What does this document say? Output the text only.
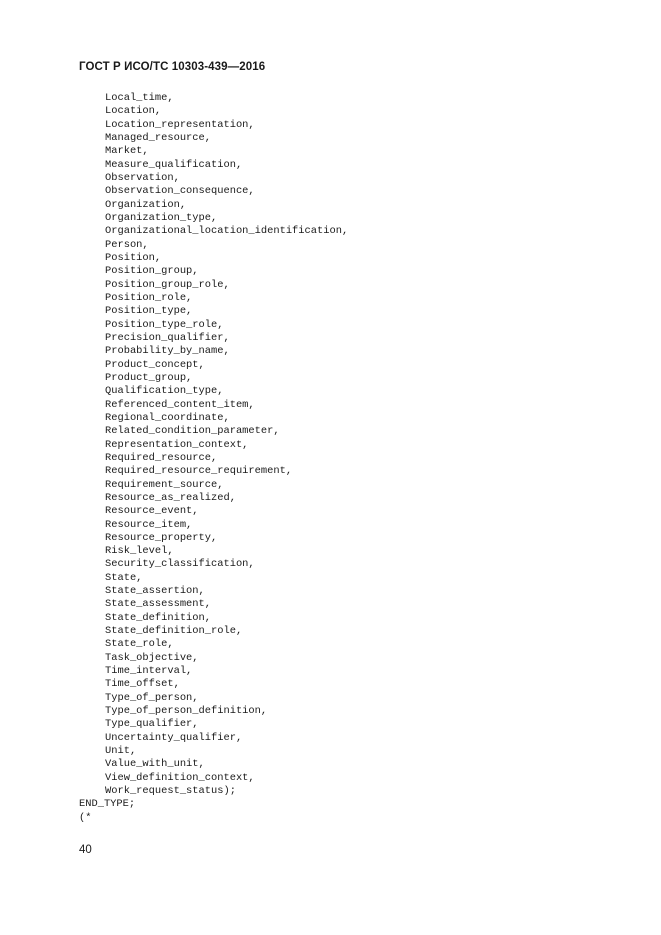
ГОСТ Р ИСО/ТС 10303-439—2016
Local_time,
Location,
Location_representation,
Managed_resource,
Market,
Measure_qualification,
Observation,
Observation_consequence,
Organization,
Organization_type,
Organizational_location_identification,
Person,
Position,
Position_group,
Position_group_role,
Position_role,
Position_type,
Position_type_role,
Precision_qualifier,
Probability_by_name,
Product_concept,
Product_group,
Qualification_type,
Referenced_content_item,
Regional_coordinate,
Related_condition_parameter,
Representation_context,
Required_resource,
Required_resource_requirement,
Requirement_source,
Resource_as_realized,
Resource_event,
Resource_item,
Resource_property,
Risk_level,
Security_classification,
State,
State_assertion,
State_assessment,
State_definition,
State_definition_role,
State_role,
Task_objective,
Time_interval,
Time_offset,
Type_of_person,
Type_of_person_definition,
Type_qualifier,
Uncertainty_qualifier,
Unit,
Value_with_unit,
View_definition_context,
Work_request_status);
END_TYPE;
(*
40
